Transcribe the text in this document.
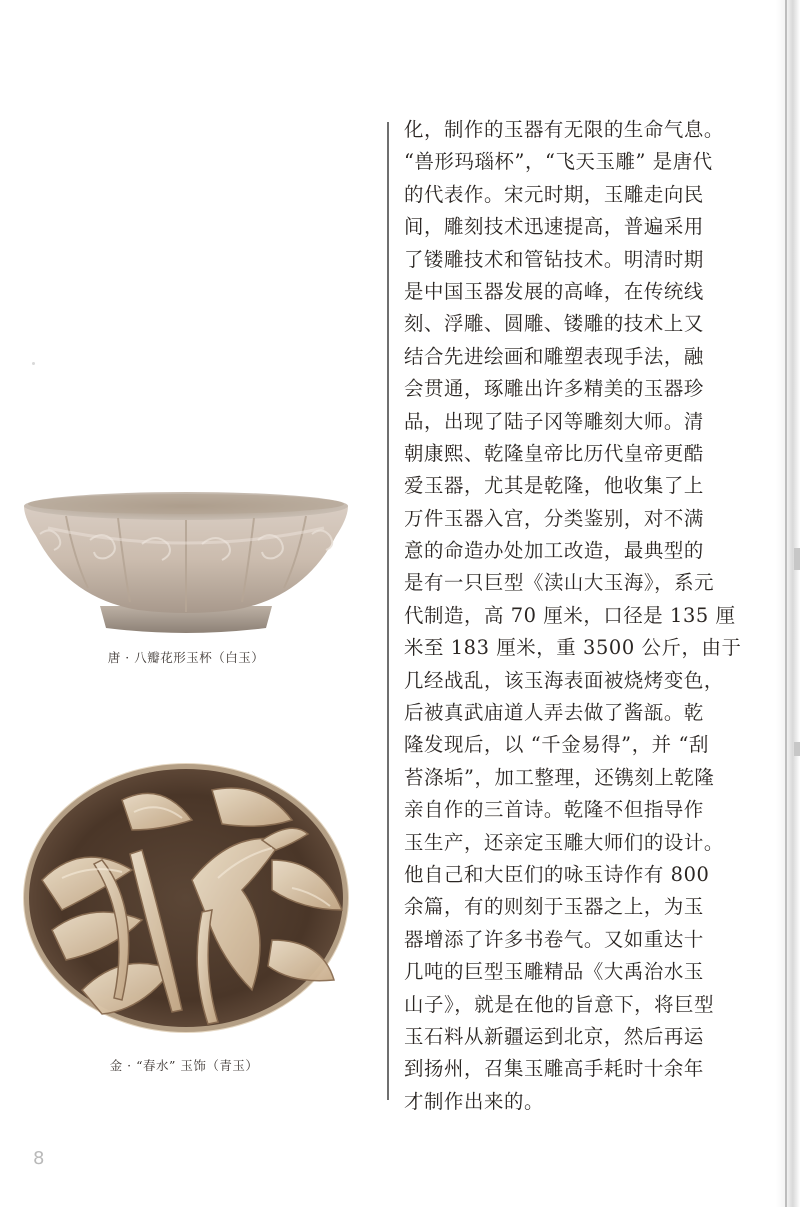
唐 · 八瓣花形玉杯（白玉）
金 · “春水” 玉饰（青玉）
化，制作的玉器有无限的生命气息。
“兽形玛瑙杯”，“飞天玉雕” 是唐代
的代表作。宋元时期，玉雕走向民
间，雕刻技术迅速提高，普遍采用
了镂雕技术和管钻技术。明清时期
是中国玉器发展的高峰，在传统线
刻、浮雕、圆雕、镂雕的技术上又
结合先进绘画和雕塑表现手法，融
会贯通，琢雕出许多精美的玉器珍
品，出现了陆子冈等雕刻大师。清
朝康熙、乾隆皇帝比历代皇帝更酷
爱玉器，尤其是乾隆，他收集了上
万件玉器入宫，分类鉴别，对不满
意的命造办处加工改造，最典型的
是有一只巨型《渎山大玉海》，系元
代制造，高 70 厘米，口径是 135 厘
米至 183 厘米，重 3500 公斤，由于
几经战乱，该玉海表面被烧烤变色，
后被真武庙道人弄去做了酱瓿。乾
隆发现后，以 “千金易得”，并 “刮
苔涤垢”，加工整理，还镌刻上乾隆
亲自作的三首诗。乾隆不但指导作
玉生产，还亲定玉雕大师们的设计。
他自己和大臣们的咏玉诗作有 800
余篇，有的则刻于玉器之上，为玉
器增添了许多书卷气。又如重达十
几吨的巨型玉雕精品《大禹治水玉
山子》，就是在他的旨意下，将巨型
玉石料从新疆运到北京，然后再运
到扬州，召集玉雕高手耗时十余年
才制作出来的。
8
